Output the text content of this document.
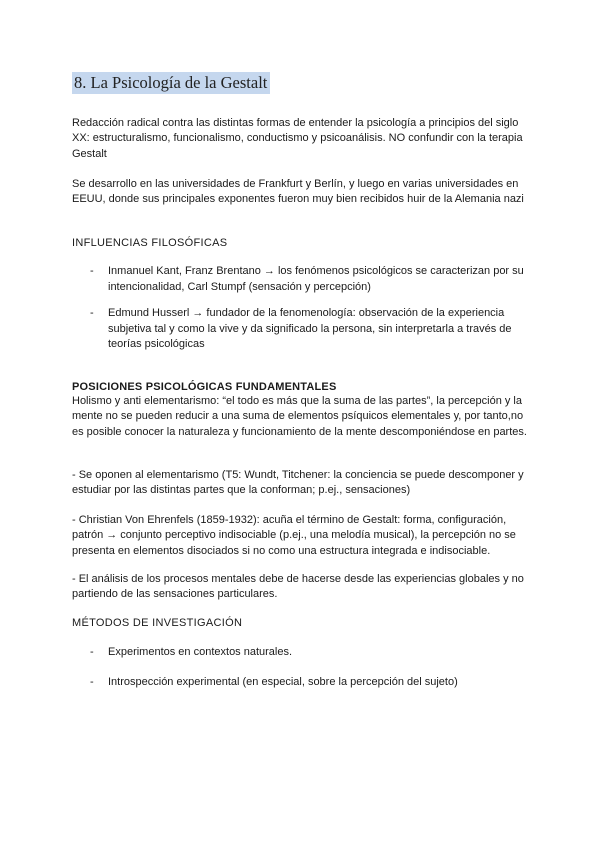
8. La Psicología de la Gestalt

Redacción radical contra las distintas formas de entender la psicología a principios del siglo XX: estructuralismo, funcionalismo, conductismo y psicoanálisis. NO confundir con la terapia Gestalt

Se desarrollo en las universidades de Frankfurt y Berlín, y luego en varias universidades en EEUU, donde sus principales exponentes fueron muy bien recibidos huir de la Alemania nazi

INFLUENCIAS FILOSÓFICAS
- Inmanuel Kant, Franz Brentano → los fenómenos psicológicos se caracterizan por su intencionalidad, Carl Stumpf (sensación y percepción)
- Edmund Husserl → fundador de la fenomenología: observación de la experiencia subjetiva tal y como la vive y da significado la persona, sin interpretarla a través de teorías psicológicas
POSICIONES PSICOLÓGICAS FUNDAMENTALES

Holismo y anti elementarismo: “el todo es más que la suma de las partes”, la percepción y la mente no se pueden reducir a una suma de elementos psíquicos elementales y, por tanto,no es posible conocer la naturaleza y funcionamiento de la mente descomponiéndose en partes.

- Se oponen al elementarismo (T5: Wundt, Titchener: la conciencia se puede descomponer y estudiar por las distintas partes que la conforman; p.ej., sensaciones)

- Christian Von Ehrenfels (1859-1932): acuña el término de Gestalt: forma, configuración, patrón → conjunto perceptivo indisociable (p.ej., una melodía musical), la percepción no se presenta en elementos disociados si no como una estructura integrada e indisociable.

- El análisis de los procesos mentales debe de hacerse desde las experiencias globales y no partiendo de las sensaciones particulares.

MÉTODOS DE INVESTIGACIÓN
- Experimentos en contextos naturales.
- Introspección experimental (en especial, sobre la percepción del sujeto)
